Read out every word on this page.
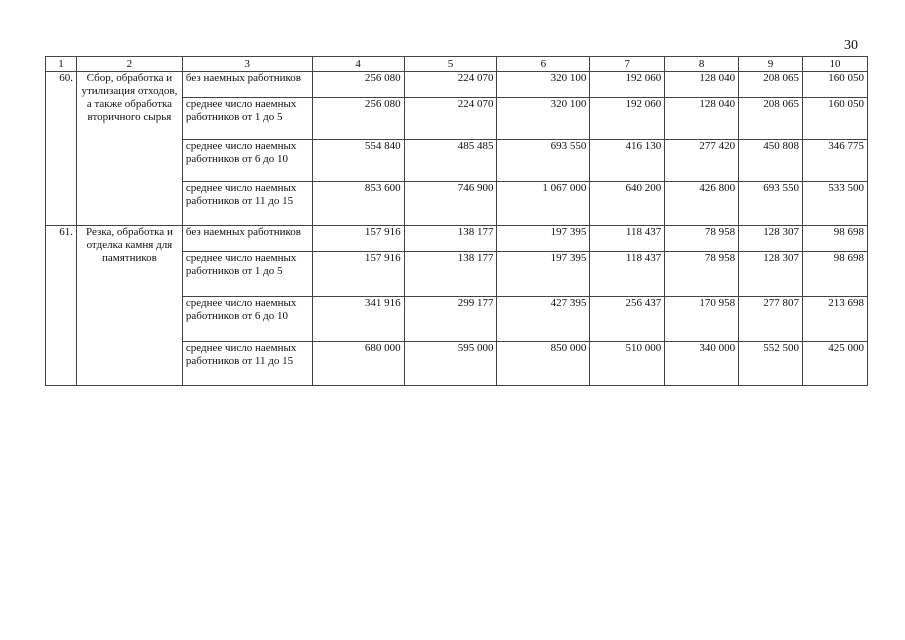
30
1	2	3	4	5	6	7	8	9	10
60.	Сбор, обработка и утилизация отходов, а также обработка вторичного сырья	без наемных работников	256 080	224 070	320 100	192 060	128 040	208 065	160 050
		среднее число наемных работников от 1 до 5	256 080	224 070	320 100	192 060	128 040	208 065	160 050
		среднее число наемных работников от 6 до 10	554 840	485 485	693 550	416 130	277 420	450 808	346 775
		среднее число наемных работников от 11 до 15	853 600	746 900	1 067 000	640 200	426 800	693 550	533 500
61.	Резка, обработка и отделка камня для памятников	без наемных работников	157 916	138 177	197 395	118 437	78 958	128 307	98 698
		среднее число наемных работников от 1 до 5	157 916	138 177	197 395	118 437	78 958	128 307	98 698
		среднее число наемных работников от 6 до 10	341 916	299 177	427 395	256 437	170 958	277 807	213 698
		среднее число наемных работников от 11 до 15	680 000	595 000	850 000	510 000	340 000	552 500	425 000
